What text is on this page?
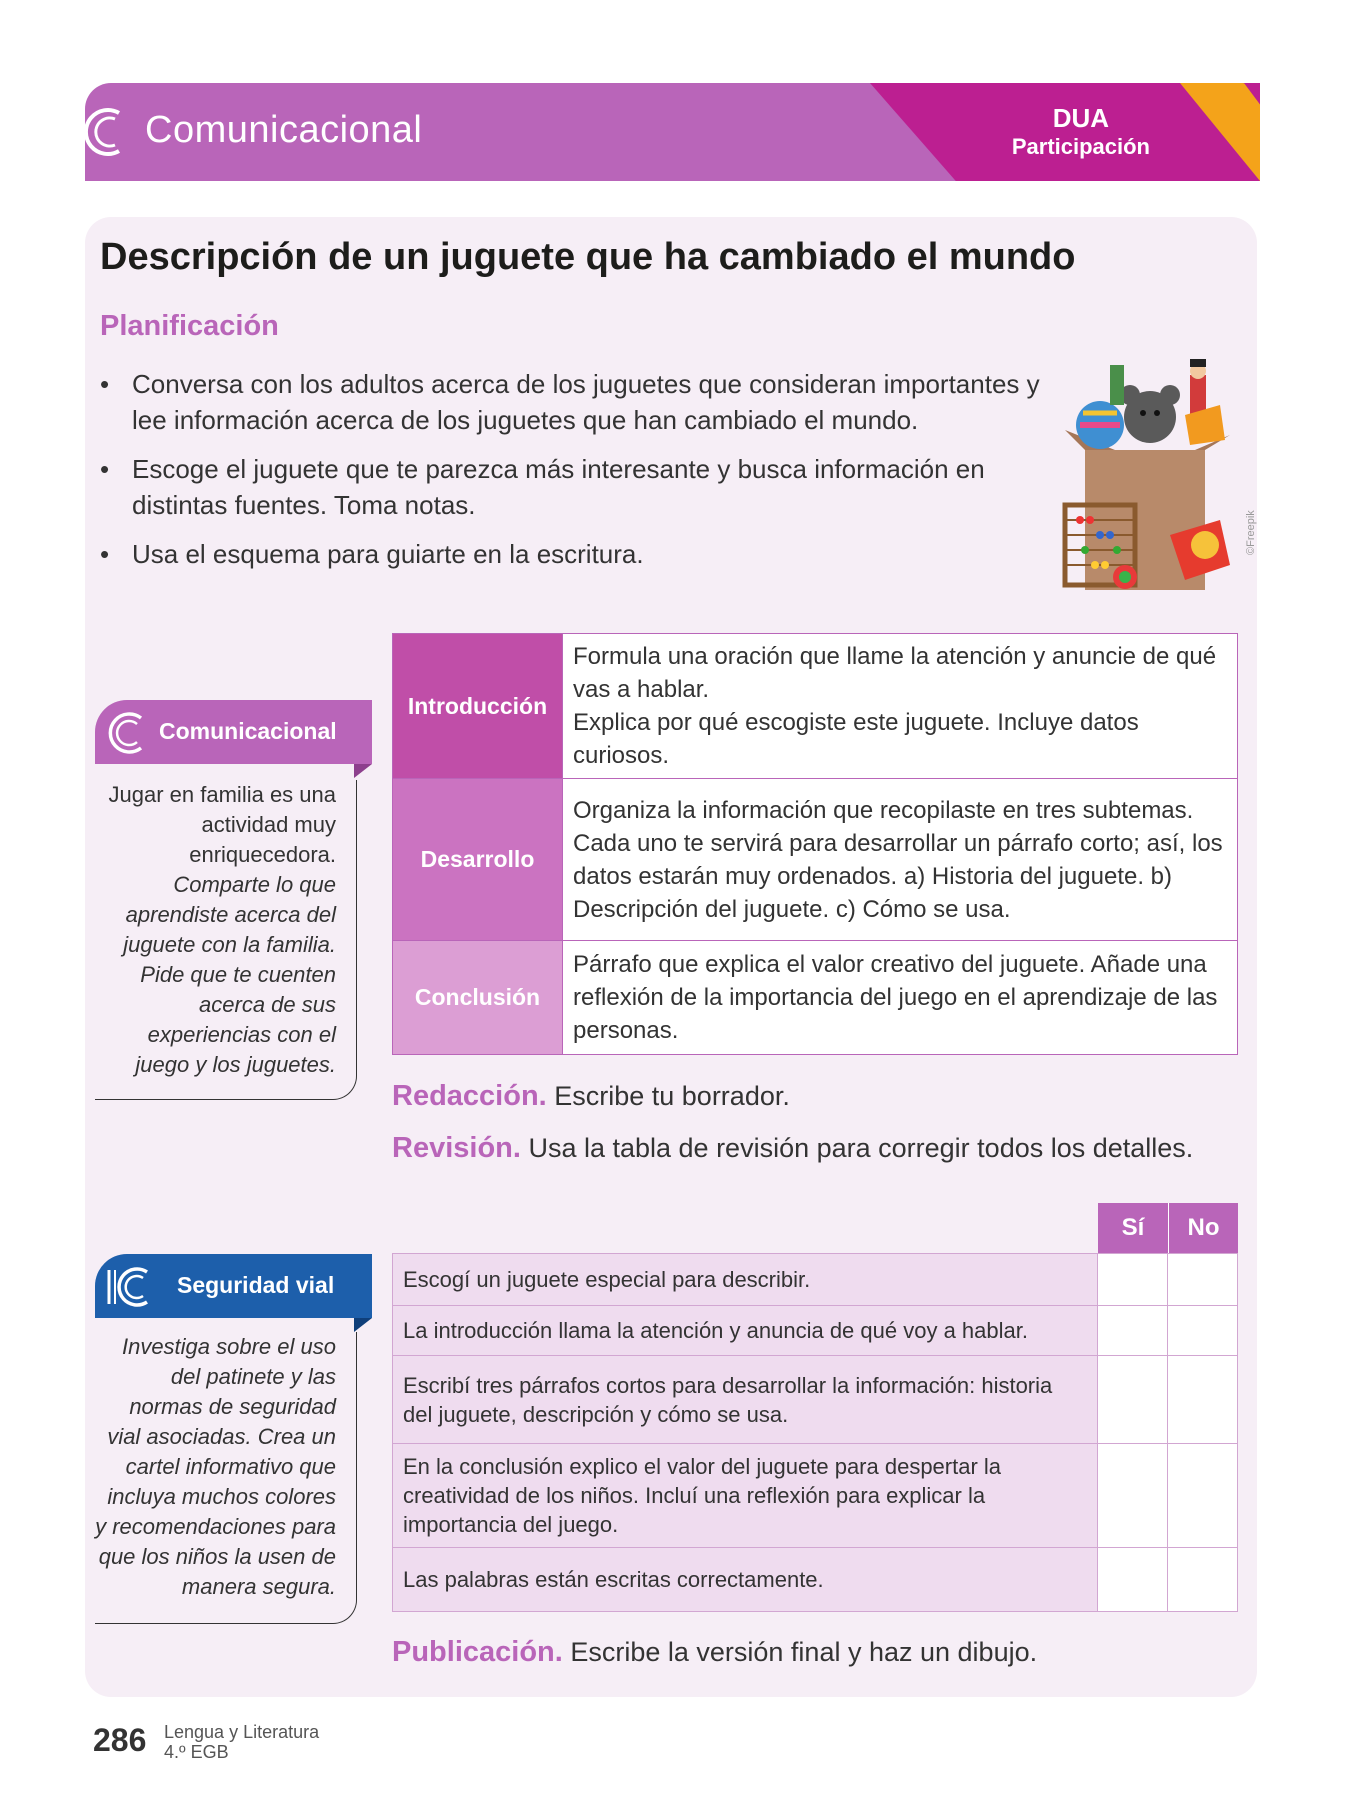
Comunicacional	DUA
Participación
Descripción de un juguete que ha cambiado el mundo
Planificación
• Conversa con los adultos acerca de los juguetes que consideran importantes y lee información acerca de los juguetes que han cambiado el mundo.
• Escoge el juguete que te parezca más interesante y busca información en distintas fuentes. Toma notas.
• Usa el esquema para guiarte en la escritura.	©Freepik
Comunicacional
Jugar en familia es una actividad muy enriquecedora. Comparte lo que aprendiste acerca del juguete con la familia. Pide que te cuenten acerca de sus experiencias con el juego y los juguetes.
Seguridad vial
Investiga sobre el uso del patinete y las normas de seguridad vial asociadas. Crea un cartel informativo que incluya muchos colores y recomendaciones para que los niños la usen de manera segura.
Introducción	Formula una oración que llame la atención y anuncie de qué vas a hablar.
Explica por qué escogiste este juguete. Incluye datos curiosos.

Desarrollo	Organiza la información que recopilaste en tres subtemas. Cada uno te servirá para desarrollar un párrafo corto; así, los datos estarán muy ordenados. a) Historia del juguete. b) Descripción del juguete. c) Cómo se usa.
Conclusión	Párrafo que explica el valor creativo del juguete. Añade una reflexión de la importancia del juego en el aprendizaje de las personas.
Redacción. Escribe tu borrador.
Revisión. Usa la tabla de revisión para corregir todos los detalles.
Sí	No
Escogí un juguete especial para describir.		
La introducción llama la atención y anuncia de qué voy a hablar.		
Escribí tres párrafos cortos para desarrollar la información: historia del juguete, descripción y cómo se usa.		
En la conclusión explico el valor del juguete para despertar la creatividad de los niños. Incluí una reflexión para explicar la importancia del juego.		
Las palabras están escritas correctamente.		
Publicación. Escribe la versión final y haz un dibujo.
286 Lengua y Literatura
4.º EGB
